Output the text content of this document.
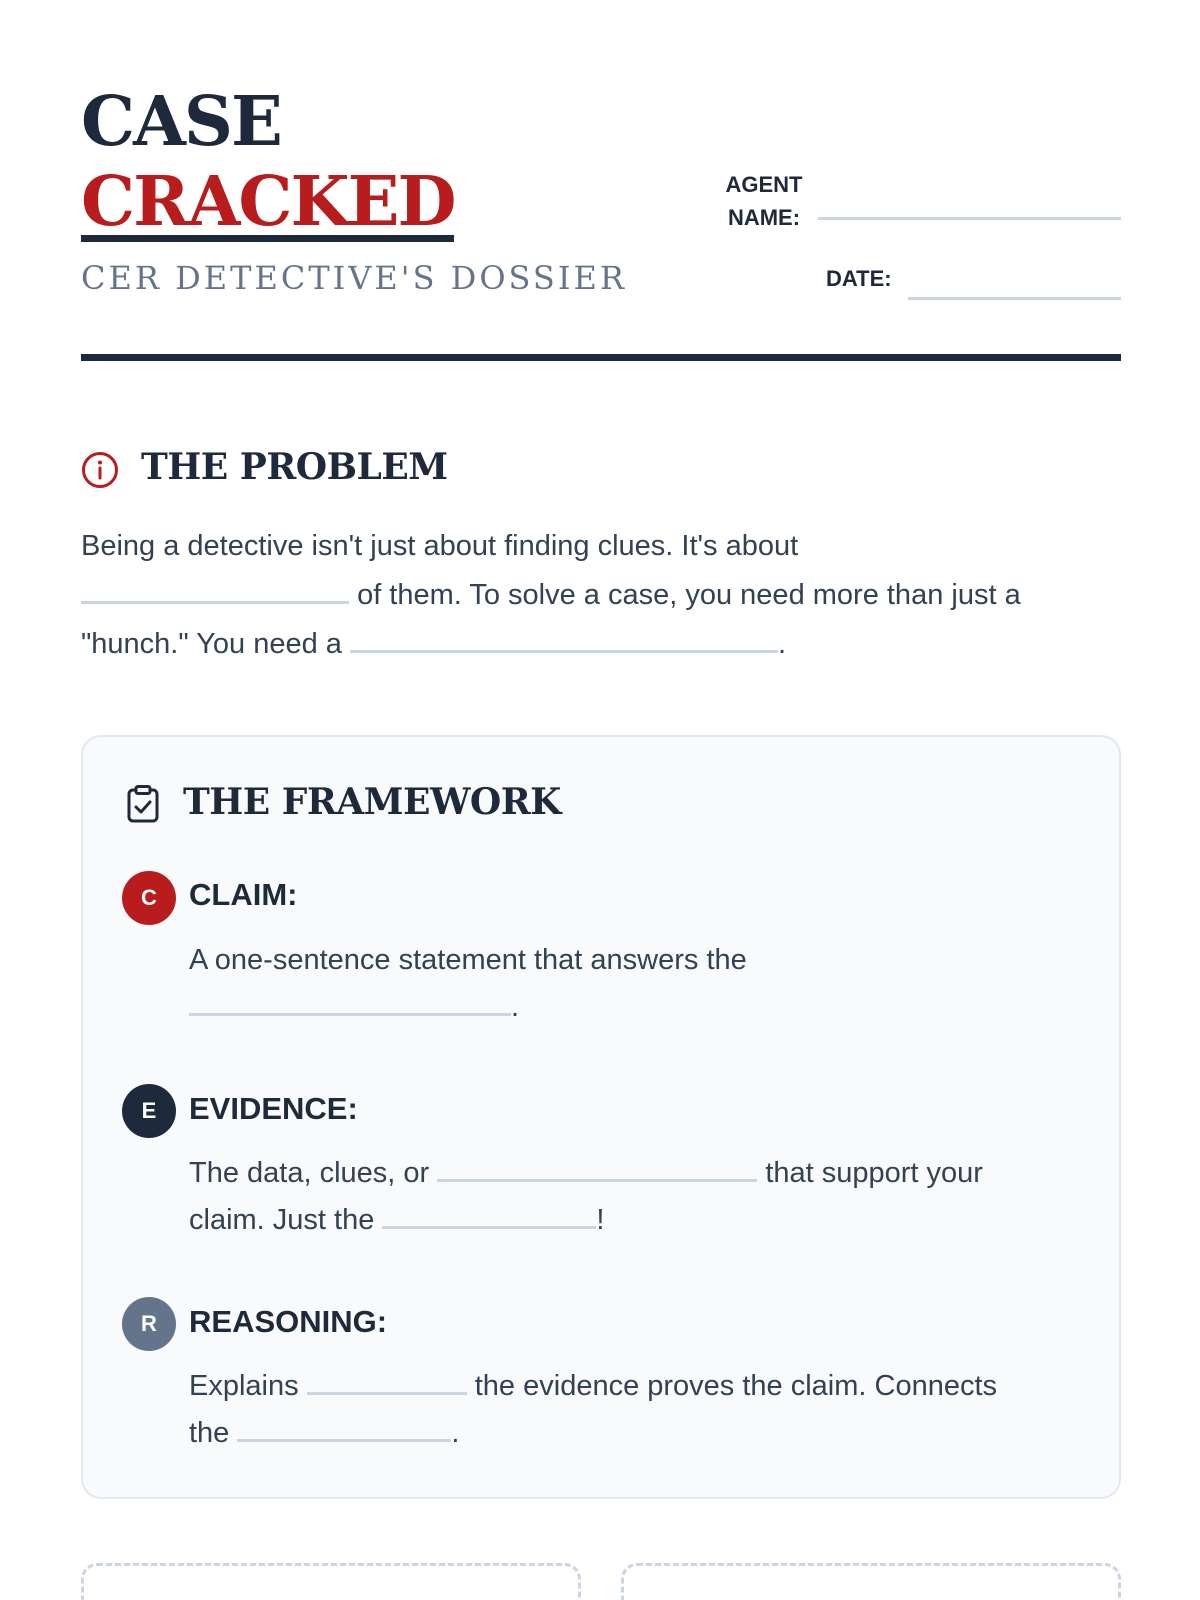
CASE
CRACKED
CER DETECTIVE'S DOSSIER
AGENT
NAME:
DATE:
THE PROBLEM
Being a detective isn't just about finding clues. It's about
of them. To solve a case, you need more than just a
"hunch." You need a	.
THE FRAMEWORK
C	CLAIM:
A one-sentence statement that answers the
.
E	EVIDENCE:
The data, clues, or	that support your
claim. Just the	!
R	REASONING:
Explains	the evidence proves the claim. Connects
the	.
